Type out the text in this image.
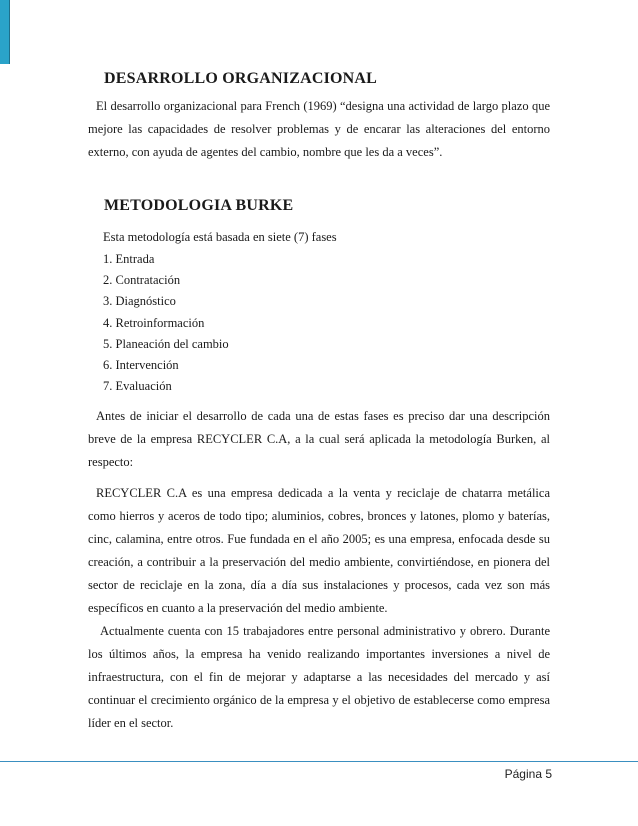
DESARROLLO ORGANIZACIONAL

El desarrollo organizacional para French (1969) “designa una actividad de largo plazo que mejore las capacidades de resolver problemas y de encarar las alteraciones del entorno externo, con ayuda de agentes del cambio, nombre que les da a veces”.

METODOLOGIA BURKE

Esta metodología está basada en siete (7) fases

1. Entrada
2. Contratación
3. Diagnóstico
4. Retroinformación
5. Planeación del cambio
6. Intervención
7. Evaluación

Antes de iniciar el desarrollo de cada una de estas fases es preciso dar una descripción breve de la empresa RECYCLER C.A, a la cual será aplicada la metodología Burken, al respecto:

RECYCLER C.A es una empresa dedicada a la venta y reciclaje de chatarra metálica como hierros y aceros de todo tipo; aluminios, cobres, bronces y latones, plomo y baterías, cinc, calamina, entre otros. Fue fundada en el año 2005; es una empresa, enfocada desde su creación, a contribuir a la preservación del medio ambiente, convirtiéndose, en pionera del sector de reciclaje en la zona, día a día sus instalaciones y procesos, cada vez son más específicos en cuanto a la preservación del medio ambiente.
Actualmente cuenta con 15 trabajadores entre personal administrativo y obrero. Durante los últimos años, la empresa ha venido realizando importantes inversiones a nivel de infraestructura, con el fin de mejorar y adaptarse a las necesidades del mercado y así continuar el crecimiento orgánico de la empresa y el objetivo de establecerse como empresa líder en el sector.
Página 5
